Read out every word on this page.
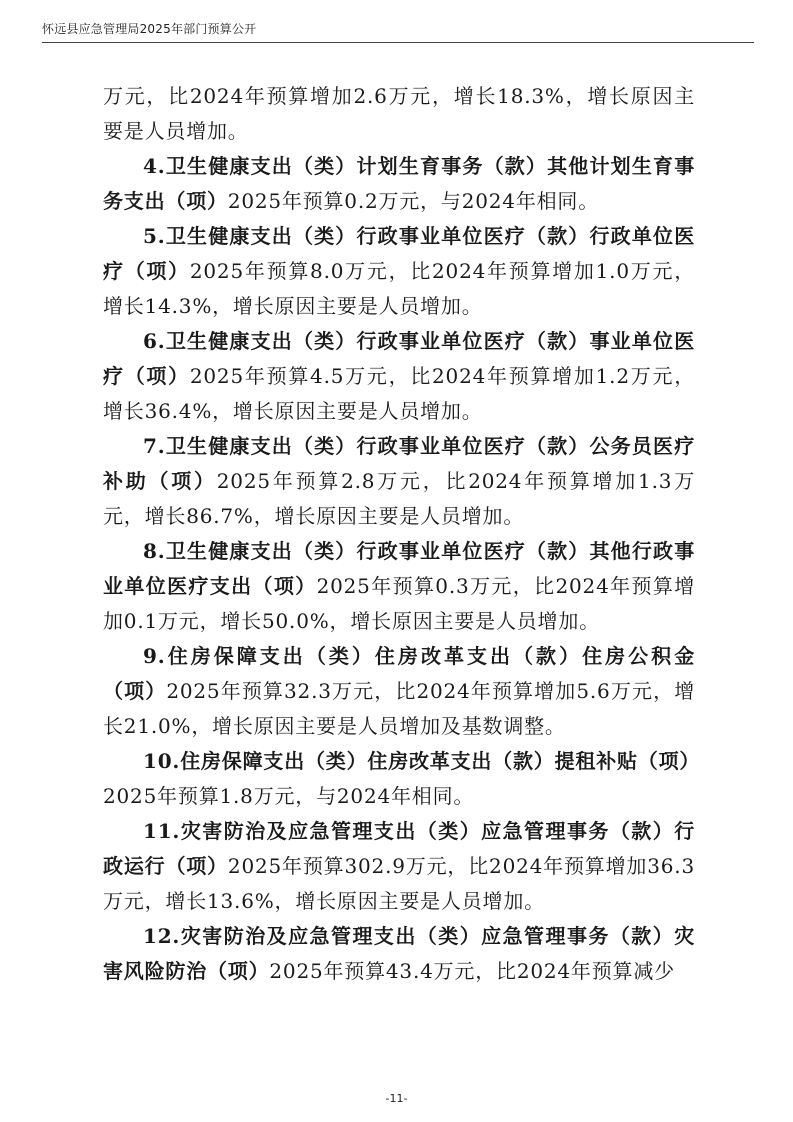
怀远县应急管理局2025年部门预算公开

万元，比2024年预算增加2.6万元，增长18.3%，增长原因主要是人员增加。

4.卫生健康支出（类）计划生育事务（款）其他计划生育事务支出（项）2025年预算0.2万元，与2024年相同。

5.卫生健康支出（类）行政事业单位医疗（款）行政单位医疗（项）2025年预算8.0万元，比2024年预算增加1.0万元，增长14.3%，增长原因主要是人员增加。

6.卫生健康支出（类）行政事业单位医疗（款）事业单位医疗（项）2025年预算4.5万元，比2024年预算增加1.2万元，增长36.4%，增长原因主要是人员增加。

7.卫生健康支出（类）行政事业单位医疗（款）公务员医疗补助（项）2025年预算2.8万元，比2024年预算增加1.3万元，增长86.7%，增长原因主要是人员增加。

8.卫生健康支出（类）行政事业单位医疗（款）其他行政事业单位医疗支出（项）2025年预算0.3万元，比2024年预算增加0.1万元，增长50.0%，增长原因主要是人员增加。

9.住房保障支出（类）住房改革支出（款）住房公积金（项）2025年预算32.3万元，比2024年预算增加5.6万元，增长21.0%，增长原因主要是人员增加及基数调整。

10.住房保障支出（类）住房改革支出（款）提租补贴（项）2025年预算1.8万元，与2024年相同。

11.灾害防治及应急管理支出（类）应急管理事务（款）行政运行（项）2025年预算302.9万元，比2024年预算增加36.3万元，增长13.6%，增长原因主要是人员增加。

12.灾害防治及应急管理支出（类）应急管理事务（款）灾害风险防治（项）2025年预算43.4万元，比2024年预算减少

-11-
